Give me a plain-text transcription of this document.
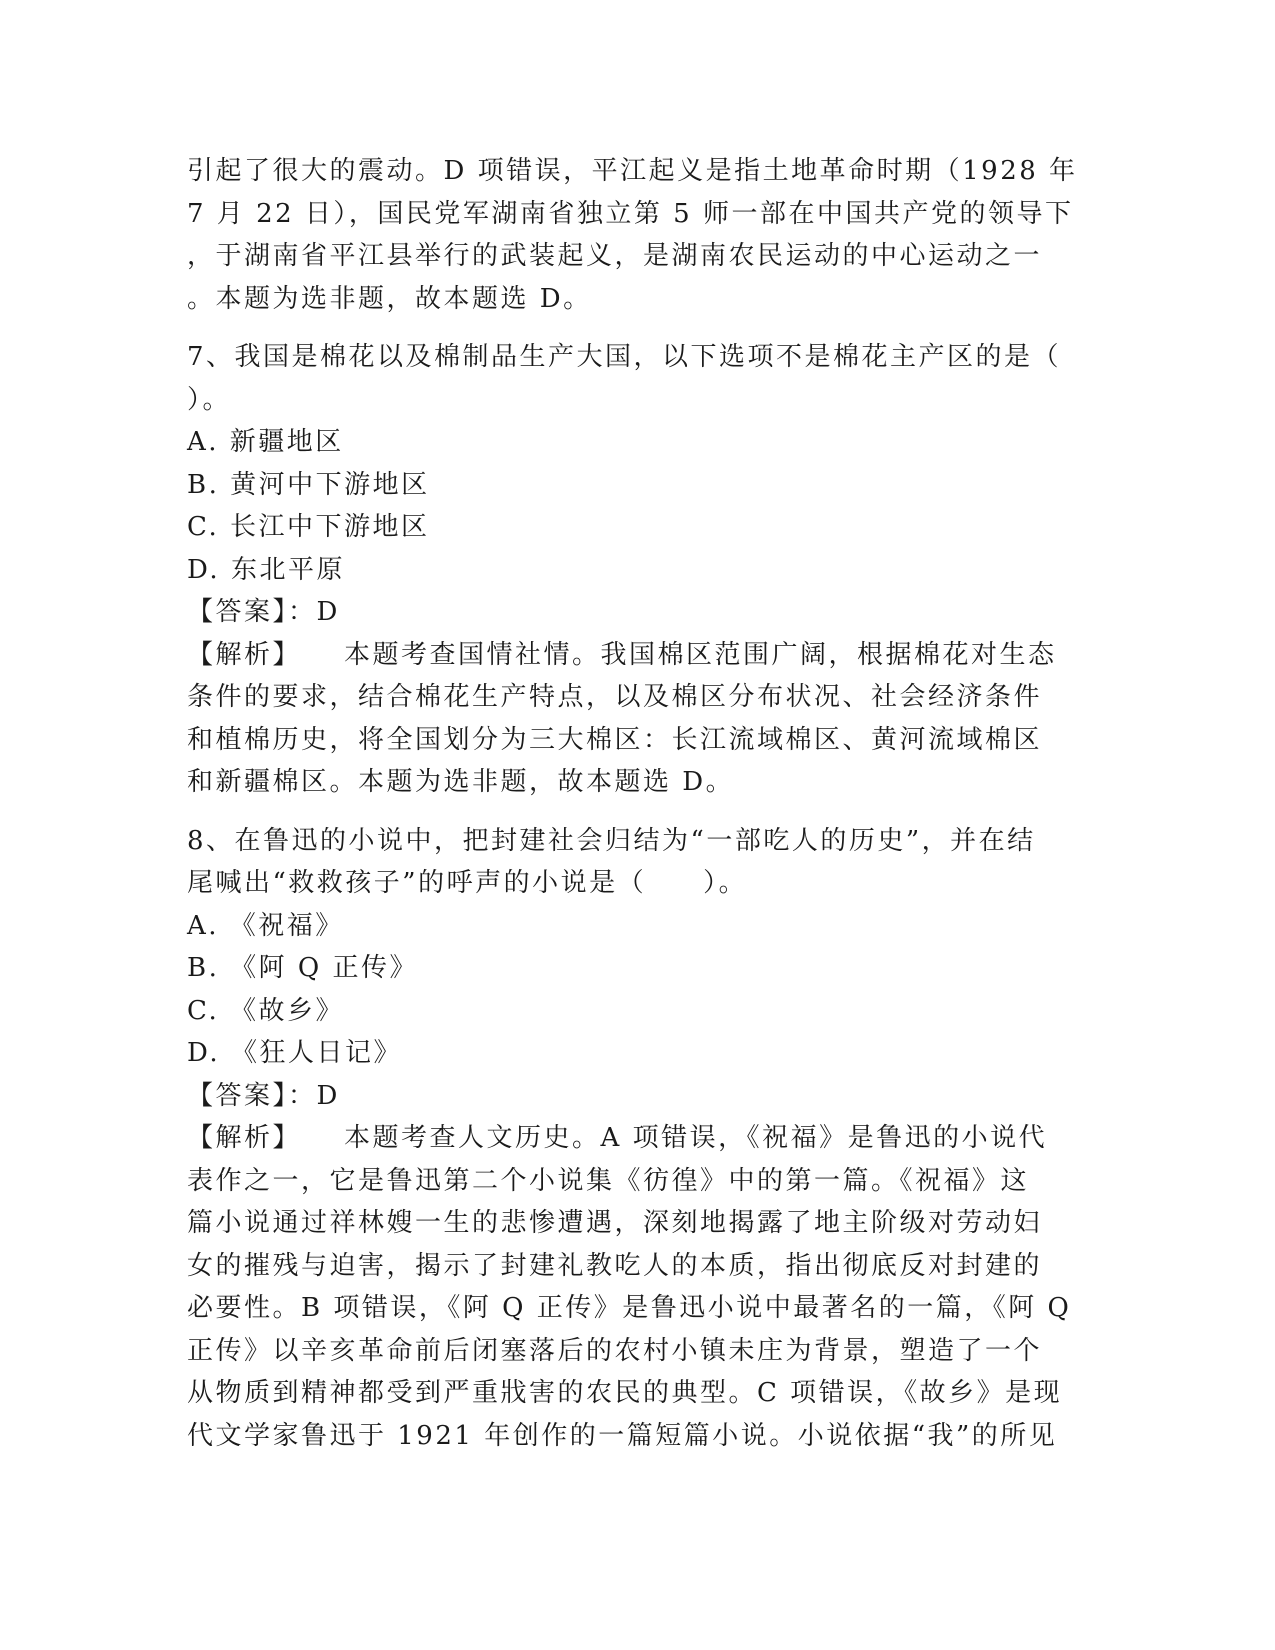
引起了很大的震动。D 项错误，平江起义是指土地革命时期（1928 年
7 月 22 日），国民党军湖南省独立第 5 师一部在中国共产党的领导下
，于湖南省平江县举行的武装起义，是湖南农民运动的中心运动之一
。本题为选非题，故本题选 D。
7、我国是棉花以及棉制品生产大国，以下选项不是棉花主产区的是（
）。
A. 新疆地区
B. 黄河中下游地区
C. 长江中下游地区
D. 东北平原
【答案】：D
【解析】    本题考查国情社情。我国棉区范围广阔，根据棉花对生态
条件的要求，结合棉花生产特点，以及棉区分布状况、社会经济条件
和植棉历史，将全国划分为三大棉区：长江流域棉区、黄河流域棉区
和新疆棉区。本题为选非题，故本题选 D。
8、在鲁迅的小说中，把封建社会归结为“一部吃人的历史”，并在结
尾喊出“救救孩子”的呼声的小说是（　　）。
A. 《祝福》
B. 《阿 Q 正传》
C. 《故乡》
D. 《狂人日记》
【答案】：D
【解析】    本题考查人文历史。A 项错误，《祝福》是鲁迅的小说代
表作之一，它是鲁迅第二个小说集《彷徨》中的第一篇。《祝福》这
篇小说通过祥林嫂一生的悲惨遭遇，深刻地揭露了地主阶级对劳动妇
女的摧残与迫害，揭示了封建礼教吃人的本质，指出彻底反对封建的
必要性。B 项错误，《阿 Q 正传》是鲁迅小说中最著名的一篇，《阿 Q
正传》以辛亥革命前后闭塞落后的农村小镇未庄为背景，塑造了一个
从物质到精神都受到严重戕害的农民的典型。C 项错误，《故乡》是现
代文学家鲁迅于 1921 年创作的一篇短篇小说。小说依据“我”的所见
